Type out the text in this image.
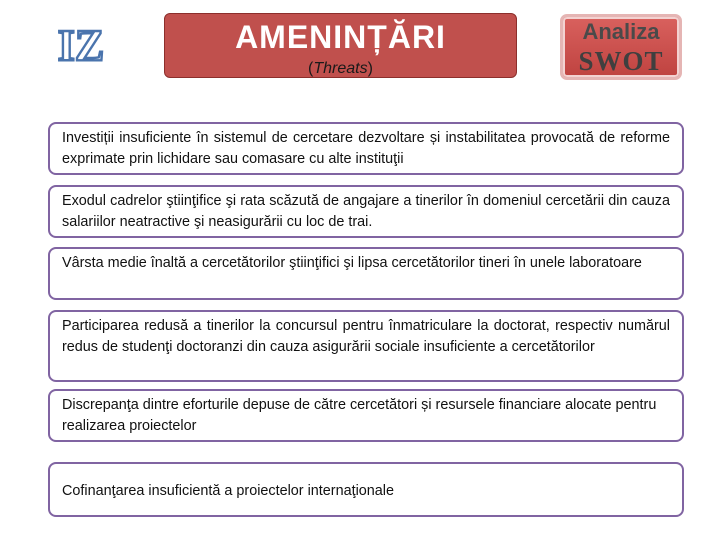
IZ	AMENINȚĂRI
(Threats)
Analiza
SWOT
Investiții insuficiente în sistemul de cercetare dezvoltare și instabilitatea provocată de reforme exprimate prin lichidare sau comasare cu alte instituţii
Exodul cadrelor ştiinţifice şi rata scăzută de angajare a tinerilor în domeniul cercetării din cauza salariilor neatractive şi neasigurării cu loc de trai.
Vârsta medie înaltă a cercetătorilor ştiinţifici şi lipsa cercetătorilor tineri în unele laboratoare
Participarea redusă a tinerilor la concursul pentru înmatriculare la doctorat, respectiv numărul redus de studenţi doctoranzi din cauza asigurării sociale insuficiente a cercetătorilor
Discrepanţa dintre eforturile depuse de către cercetători și resursele financiare alocate pentru realizarea proiectelor
Cofinanţarea insuficientă a proiectelor internaţionale
